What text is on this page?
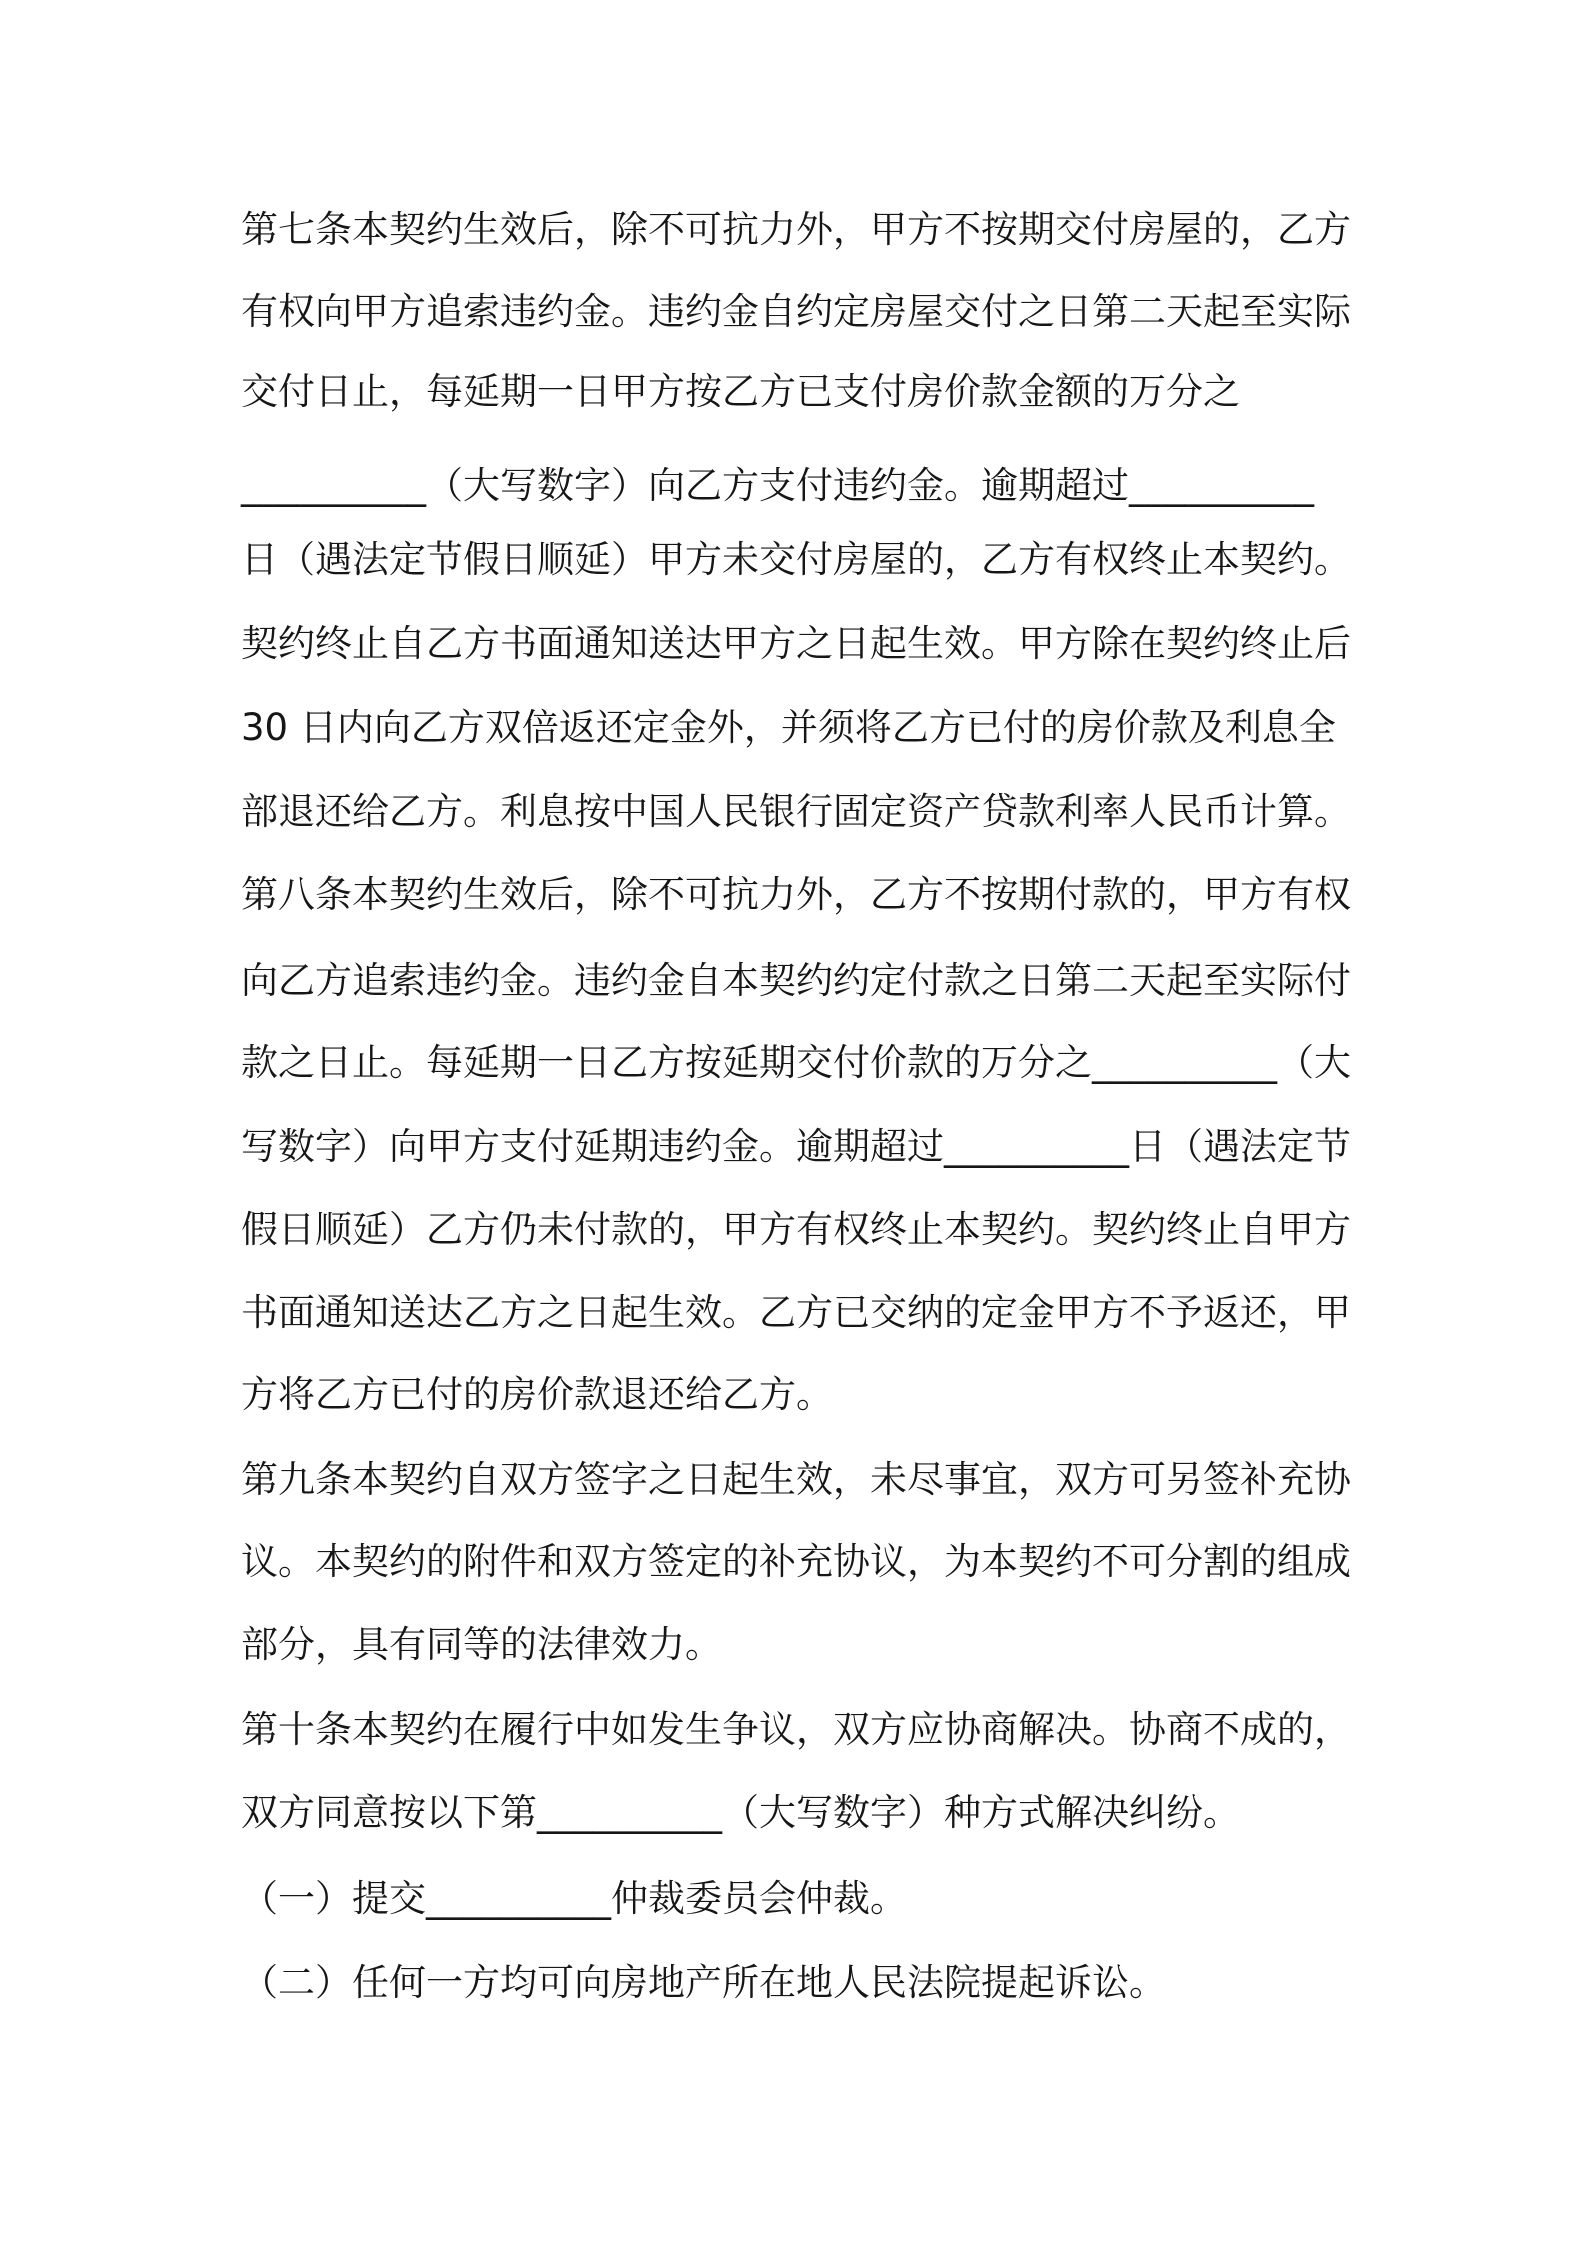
第七条本契约生效后，除不可抗力外，甲方不按期交付房屋的，乙方
有权向甲方追索违约金。违约金自约定房屋交付之日第二天起至实际
交付日止，每延期一日甲方按乙方已支付房价款金额的万分之
__________（大写数字）向乙方支付违约金。逾期超过__________
日（遇法定节假日顺延）甲方未交付房屋的，乙方有权终止本契约。
契约终止自乙方书面通知送达甲方之日起生效。甲方除在契约终止后
30 日内向乙方双倍返还定金外，并须将乙方已付的房价款及利息全
部退还给乙方。利息按中国人民银行固定资产贷款利率人民币计算。
第八条本契约生效后，除不可抗力外，乙方不按期付款的，甲方有权
向乙方追索违约金。违约金自本契约约定付款之日第二天起至实际付
款之日止。每延期一日乙方按延期交付价款的万分之__________（大
写数字）向甲方支付延期违约金。逾期超过__________日（遇法定节
假日顺延）乙方仍未付款的，甲方有权终止本契约。契约终止自甲方
书面通知送达乙方之日起生效。乙方已交纳的定金甲方不予返还，甲
方将乙方已付的房价款退还给乙方。
第九条本契约自双方签字之日起生效，未尽事宜，双方可另签补充协
议。本契约的附件和双方签定的补充协议，为本契约不可分割的组成
部分，具有同等的法律效力。
第十条本契约在履行中如发生争议，双方应协商解决。协商不成的，
双方同意按以下第__________（大写数字）种方式解决纠纷。
（一）提交__________仲裁委员会仲裁。
（二）任何一方均可向房地产所在地人民法院提起诉讼。
